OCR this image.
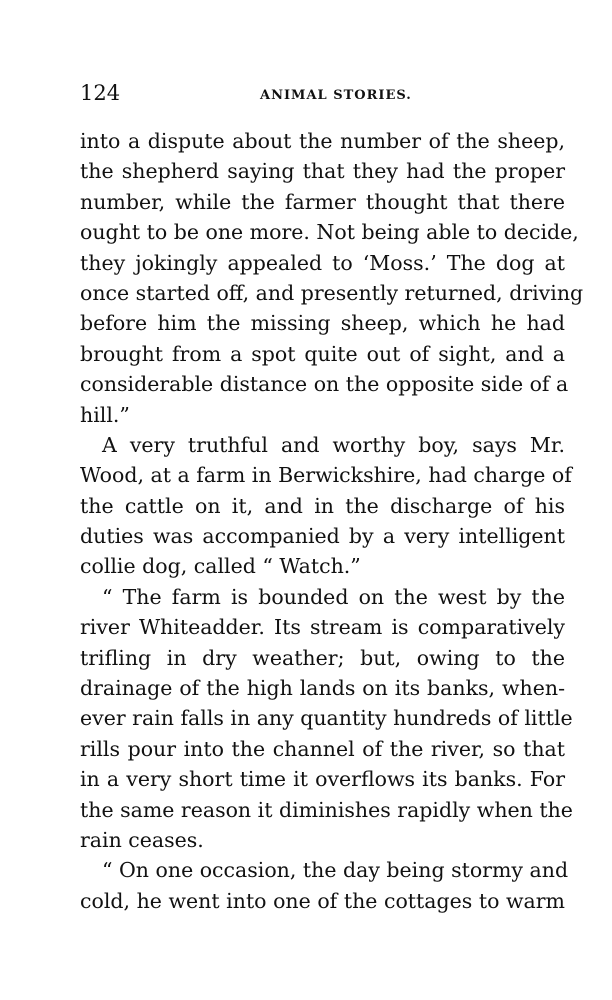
124	ANIMAL STORIES.
into a dispute about the number of the sheep,
the shepherd saying that they had the proper
number, while the farmer thought that there
ought to be one more. Not being able to decide,
they jokingly appealed to ‘Moss.’ The dog at
once started off, and presently returned, driving
before him the missing sheep, which he had
brought from a spot quite out of sight, and a
considerable distance on the opposite side of a
hill.”
A very truthful and worthy boy, says Mr.
Wood, at a farm in Berwickshire, had charge of
the cattle on it, and in the discharge of his
duties was accompanied by a very intelligent
collie dog, called “ Watch.”
“ The farm is bounded on the west by the
river Whiteadder. Its stream is comparatively
trifling in dry weather; but, owing to the
drainage of the high lands on its banks, when-
ever rain falls in any quantity hundreds of little
rills pour into the channel of the river, so that
in a very short time it overflows its banks. For
the same reason it diminishes rapidly when the
rain ceases.
“ On one occasion, the day being stormy and
cold, he went into one of the cottages to warm
